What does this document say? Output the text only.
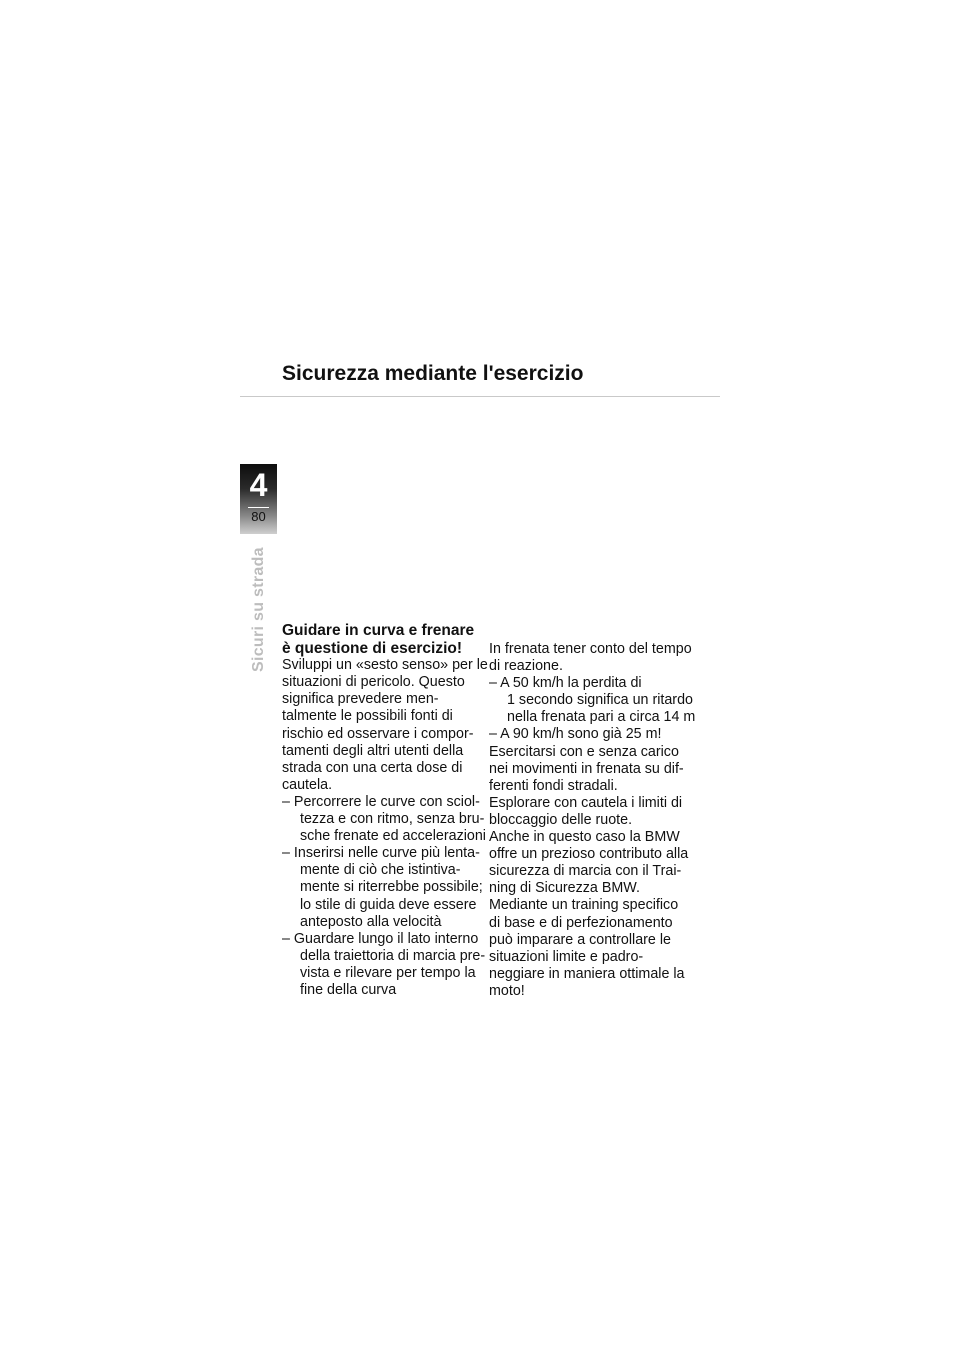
Sicurezza mediante l'esercizio
4
80
Sicuri su strada Guidare in curva e frenare
è questione di esercizio!
Sviluppi un «sesto senso» per le
situazioni di pericolo. Questo
significa prevedere men-
talmente le possibili fonti di
rischio ed osservare i compor-
tamenti degli altri utenti della
strada con una certa dose di
cautela.
– Percorrere le curve con sciol-
tezza e con ritmo, senza bru-
sche frenate ed accelerazioni
– Inserirsi nelle curve più lenta-
mente di ciò che istintiva-
mente si riterrebbe possibile;
lo stile di guida deve essere
anteposto alla velocità
– Guardare lungo il lato interno
della traiettoria di marcia pre-
vista e rilevare per tempo la
fine della curva
In frenata tener conto del tempo
di reazione.
– A 50 km/h la perdita di
1 secondo significa un ritardo
nella frenata pari a circa 14 m
– A 90 km/h sono già 25 m!
Esercitarsi con e senza carico
nei movimenti in frenata su dif-
ferenti fondi stradali.
Esplorare con cautela i limiti di
bloccaggio delle ruote.
Anche in questo caso la BMW
offre un prezioso contributo alla
sicurezza di marcia con il Trai-
ning di Sicurezza BMW.
Mediante un training specifico
di base e di perfezionamento
può imparare a controllare le
situazioni limite e padro-
neggiare in maniera ottimale la
moto!
